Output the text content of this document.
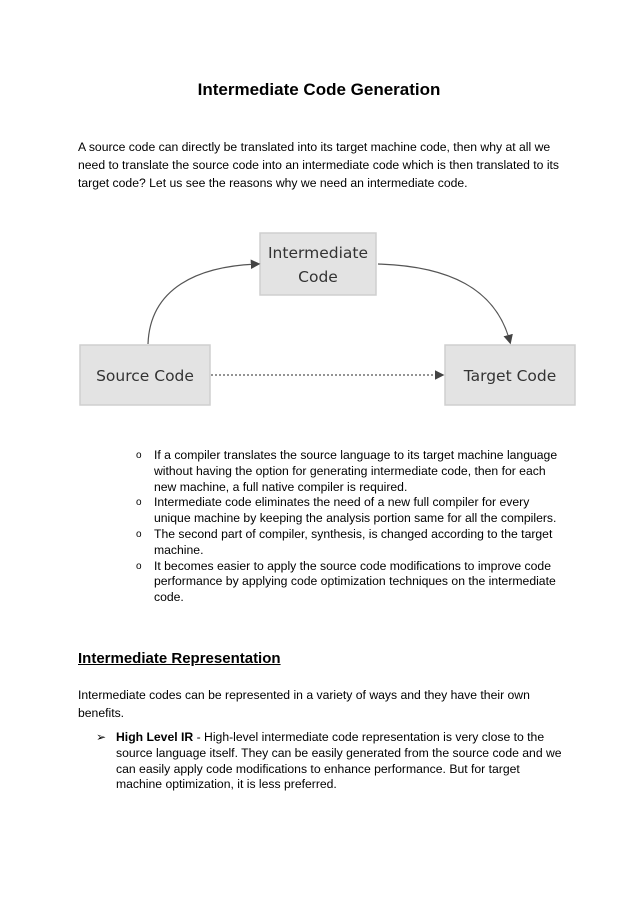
Intermediate Code Generation

A source code can directly be translated into its target machine code, then why at all we need to translate the source code into an intermediate code which is then translated to its target code? Let us see the reasons why we need an intermediate code.

Intermediate
Code
Source Code	Target Code
o If a compiler translates the source language to its target machine language without having the option for generating intermediate code, then for each new machine, a full native compiler is required.
o Intermediate code eliminates the need of a new full compiler for every unique machine by keeping the analysis portion same for all the compilers.
o The second part of compiler, synthesis, is changed according to the target machine.
o It becomes easier to apply the source code modifications to improve code performance by applying code optimization techniques on the intermediate code.
Intermediate Representation

Intermediate codes can be represented in a variety of ways and they have their own benefits.

➢ High Level IR - High-level intermediate code representation is very close to the source language itself. They can be easily generated from the source code and we can easily apply code modifications to enhance performance. But for target machine optimization, it is less preferred.
